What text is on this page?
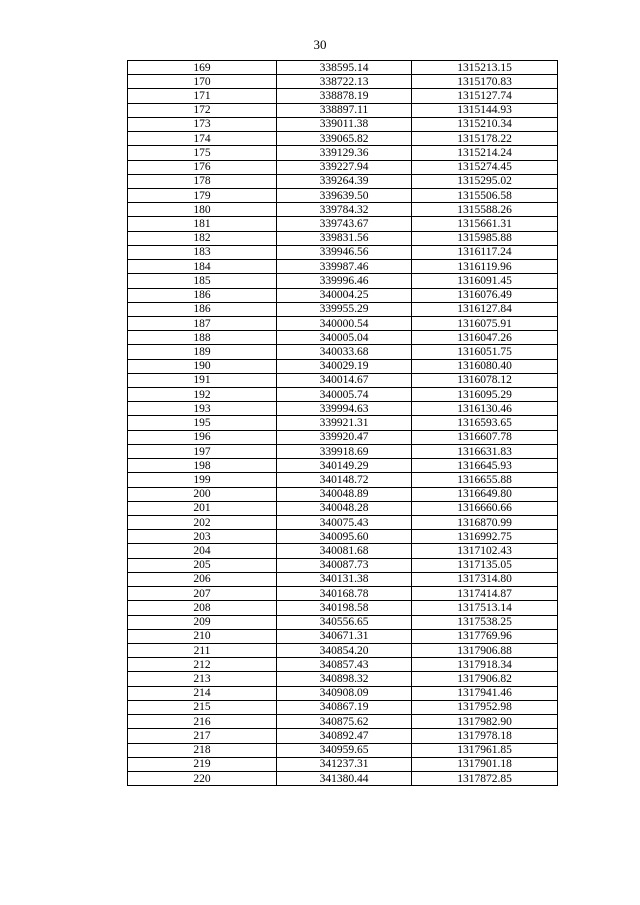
30
169	338595.14	1315213.15
170	338722.13	1315170.83
171	338878.19	1315127.74
172	338897.11	1315144.93
173	339011.38	1315210.34
174	339065.82	1315178.22
175	339129.36	1315214.24
176	339227.94	1315274.45
178	339264.39	1315295.02
179	339639.50	1315506.58
180	339784.32	1315588.26
181	339743.67	1315661.31
182	339831.56	1315985.88
183	339946.56	1316117.24
184	339987.46	1316119.96
185	339996.46	1316091.45
186	340004.25	1316076.49
186	339955.29	1316127.84
187	340000.54	1316075.91
188	340005.04	1316047.26
189	340033.68	1316051.75
190	340029.19	1316080.40
191	340014.67	1316078.12
192	340005.74	1316095.29
193	339994.63	1316130.46
195	339921.31	1316593.65
196	339920.47	1316607.78
197	339918.69	1316631.83
198	340149.29	1316645.93
199	340148.72	1316655.88
200	340048.89	1316649.80
201	340048.28	1316660.66
202	340075.43	1316870.99
203	340095.60	1316992.75
204	340081.68	1317102.43
205	340087.73	1317135.05
206	340131.38	1317314.80
207	340168.78	1317414.87
208	340198.58	1317513.14
209	340556.65	1317538.25
210	340671.31	1317769.96
211	340854.20	1317906.88
212	340857.43	1317918.34
213	340898.32	1317906.82
214	340908.09	1317941.46
215	340867.19	1317952.98
216	340875.62	1317982.90
217	340892.47	1317978.18
218	340959.65	1317961.85
219	341237.31	1317901.18
220	341380.44	1317872.85
